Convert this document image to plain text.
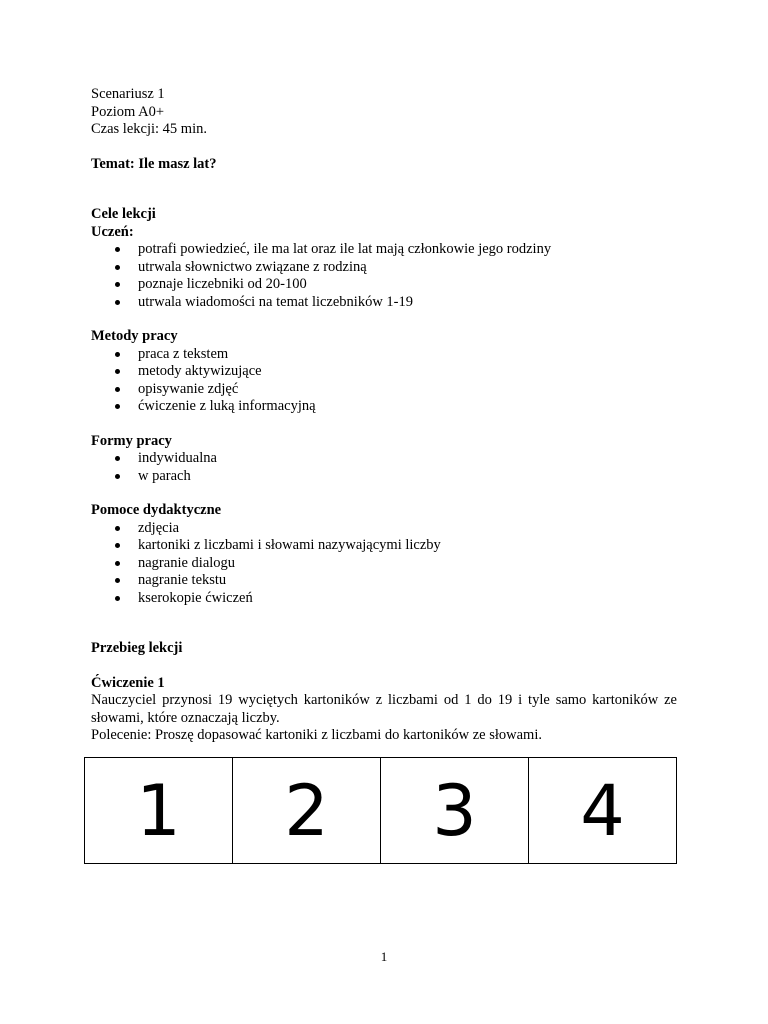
Scenariusz 1
Poziom A0+
Czas lekcji: 45 min.
Temat: Ile masz lat?
Cele lekcji
Uczeń:
potrafi powiedzieć, ile ma lat oraz ile lat mają członkowie jego rodziny
utrwala słownictwo związane z rodziną
poznaje liczebniki od 20-100
utrwala wiadomości na temat liczebników 1-19
Metody pracy
praca z tekstem
metody aktywizujące
opisywanie zdjęć
ćwiczenie z luką informacyjną
Formy pracy
indywidualna
w parach
Pomoce dydaktyczne
zdjęcia
kartoniki z liczbami i słowami nazywającymi liczby
nagranie dialogu
nagranie tekstu
kserokopie ćwiczeń
Przebieg lekcji
Ćwiczenie 1
Nauczyciel przynosi 19 wyciętych kartoników z liczbami od 1 do 19 i tyle samo kartoników ze słowami, które oznaczają liczby.
Polecenie: Proszę dopasować kartoniki z liczbami do kartoników ze słowami.
1	2	3	4
1
